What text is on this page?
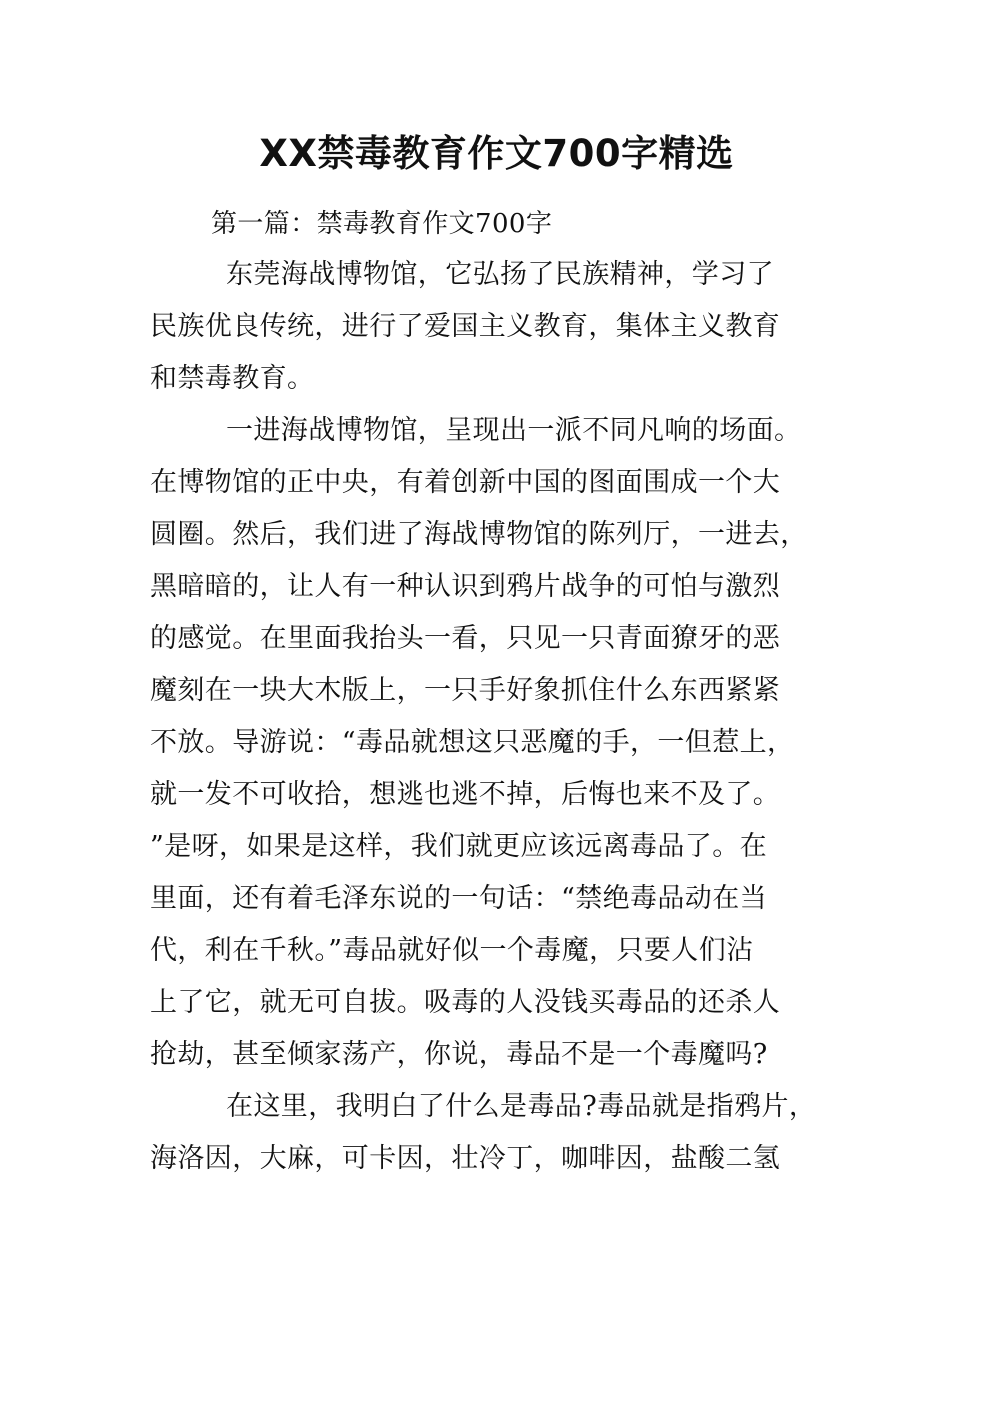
XX禁毒教育作文700字精选
第一篇：禁毒教育作文700字
东莞海战博物馆，它弘扬了民族精神，学习了
民族优良传统，进行了爱国主义教育，集体主义教育
和禁毒教育。
一进海战博物馆，呈现出一派不同凡响的场面。
在博物馆的正中央，有着创新中国的图面围成一个大
圆圈。然后，我们进了海战博物馆的陈列厅，一进去，
黑暗暗的，让人有一种认识到鸦片战争的可怕与激烈
的感觉。在里面我抬头一看，只见一只青面獠牙的恶
魔刻在一块大木版上，一只手好象抓住什么东西紧紧
不放。导游说：“毒品就想这只恶魔的手，一但惹上，
就一发不可收拾，想逃也逃不掉，后悔也来不及了。
”是呀，如果是这样，我们就更应该远离毒品了。在
里面，还有着毛泽东说的一句话：“禁绝毒品动在当
代，利在千秋。”毒品就好似一个毒魔，只要人们沾
上了它，就无可自拔。吸毒的人没钱买毒品的还杀人
抢劫，甚至倾家荡产，你说，毒品不是一个毒魔吗?
在这里，我明白了什么是毒品?毒品就是指鸦片，
海洛因，大麻，可卡因，壮冷丁，咖啡因，盐酸二氢
